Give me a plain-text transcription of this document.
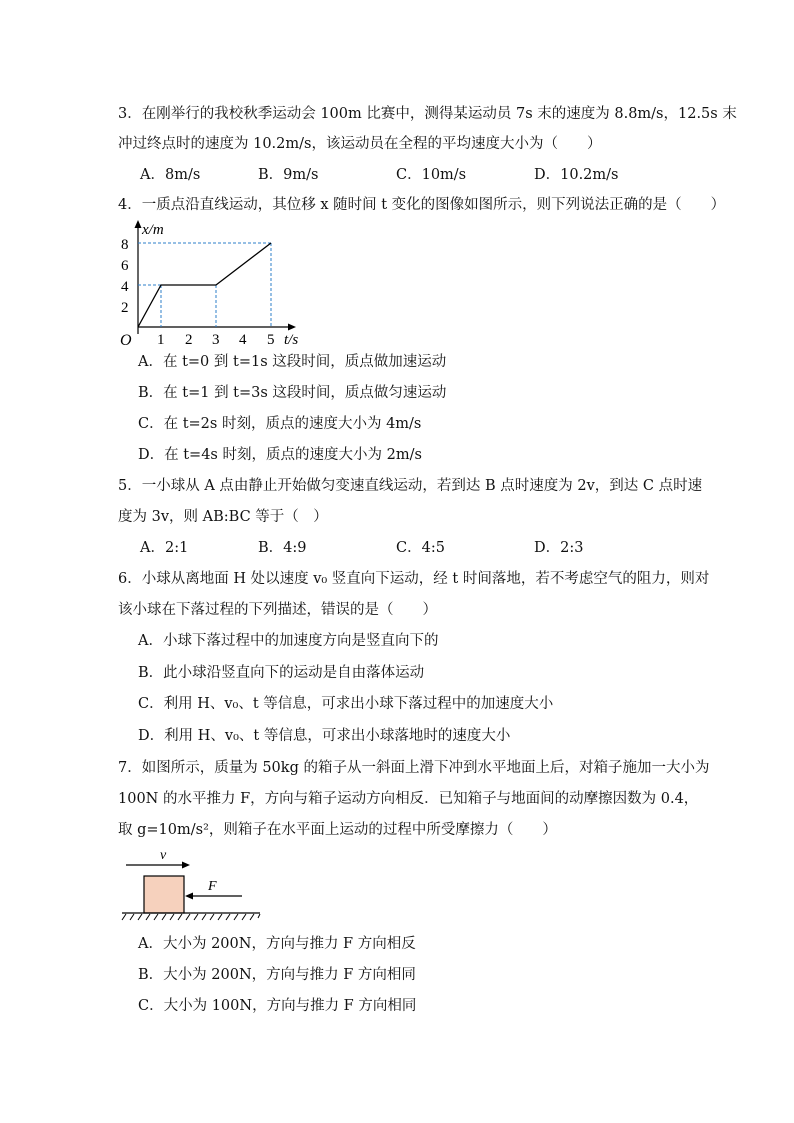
3．在刚举行的我校秋季运动会 100m 比赛中，测得某运动员 7s 末的速度为 8.8m/s，12.5s 末
冲过终点时的速度为 10.2m/s，该运动员在全程的平均速度大小为（　　）
A．8m/s	B．9m/s	C．10m/s	D．10.2m/s
4．一质点沿直线运动，其位移 x 随时间 t 变化的图像如图所示，则下列说法正确的是（　　）
x/m
t/s
O
2
4
6
8
1 2 3 4 5
A．在 t=0 到 t=1s 这段时间，质点做加速运动
B．在 t=1 到 t=3s 这段时间，质点做匀速运动
C．在 t=2s 时刻，质点的速度大小为 4m/s
D．在 t=4s 时刻，质点的速度大小为 2m/s
5．一小球从 A 点由静止开始做匀变速直线运动，若到达 B 点时速度为 2v，到达 C 点时速
度为 3v，则 AB:BC 等于（　）
A．2:1	B．4:9	C．4:5	D．2:3
6．小球从离地面 H 处以速度 v₀ 竖直向下运动，经 t 时间落地，若不考虑空气的阻力，则对
该小球在下落过程的下列描述，错误的是（　　）
A．小球下落过程中的加速度方向是竖直向下的
B．此小球沿竖直向下的运动是自由落体运动
C．利用 H、v₀、t 等信息，可求出小球下落过程中的加速度大小
D．利用 H、v₀、t 等信息，可求出小球落地时的速度大小
7．如图所示，质量为 50kg 的箱子从一斜面上滑下冲到水平地面上后，对箱子施加一大小为
100N 的水平推力 F，方向与箱子运动方向相反．已知箱子与地面间的动摩擦因数为 0.4，
取 g=10m/s²，则箱子在水平面上运动的过程中所受摩擦力（　　）
v
F
A．大小为 200N，方向与推力 F 方向相反
B．大小为 200N，方向与推力 F 方向相同
C．大小为 100N，方向与推力 F 方向相同
